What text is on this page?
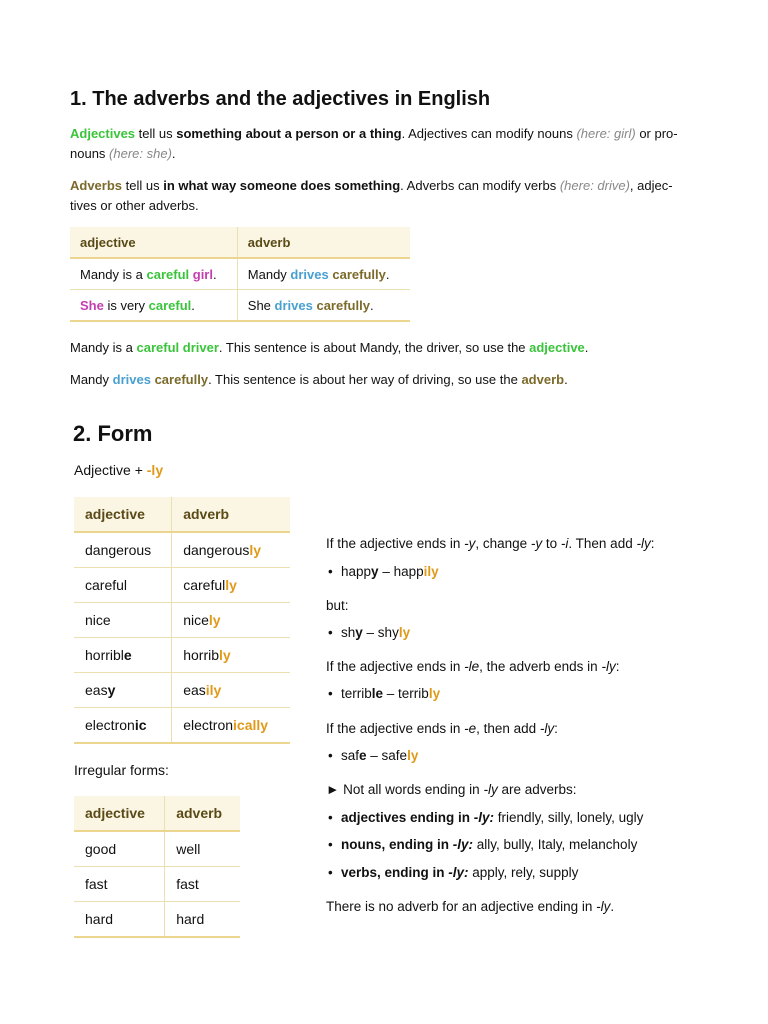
1. The adverbs and the adjectives in English
Adjectives tell us something about a person or a thing. Adjectives can modify nouns (here: girl) or pro-
nouns (here: she).
Adverbs tell us in what way someone does something. Adverbs can modify verbs (here: drive), adjec-
tives or other adverbs.
adjective	adverb
Mandy is a careful girl.	Mandy drives carefully.
She is very careful.	She drives carefully.
Mandy is a careful driver. This sentence is about Mandy, the driver, so use the adjective.
Mandy drives carefully. This sentence is about her way of driving, so use the adverb.
2. Form
Adjective + -ly
adjective	adverb
dangerous	dangerously
careful	carefully
nice	nicely
horrible	horribly
easy	easily
electronic	electronically
Irregular forms:
adjective	adverb
good	well
fast	fast
hard	hard
If the adjective ends in -y, change -y to -i. Then add -ly:
• happy – happily
but:
• shy – shyly
If the adjective ends in -le, the adverb ends in -ly:
• terrible – terribly
If the adjective ends in -e, then add -ly:
• safe – safely
► Not all words ending in -ly are adverbs:
• adjectives ending in -ly: friendly, silly, lonely, ugly
• nouns, ending in -ly: ally, bully, Italy, melancholy
• verbs, ending in -ly: apply, rely, supply
There is no adverb for an adjective ending in -ly.
